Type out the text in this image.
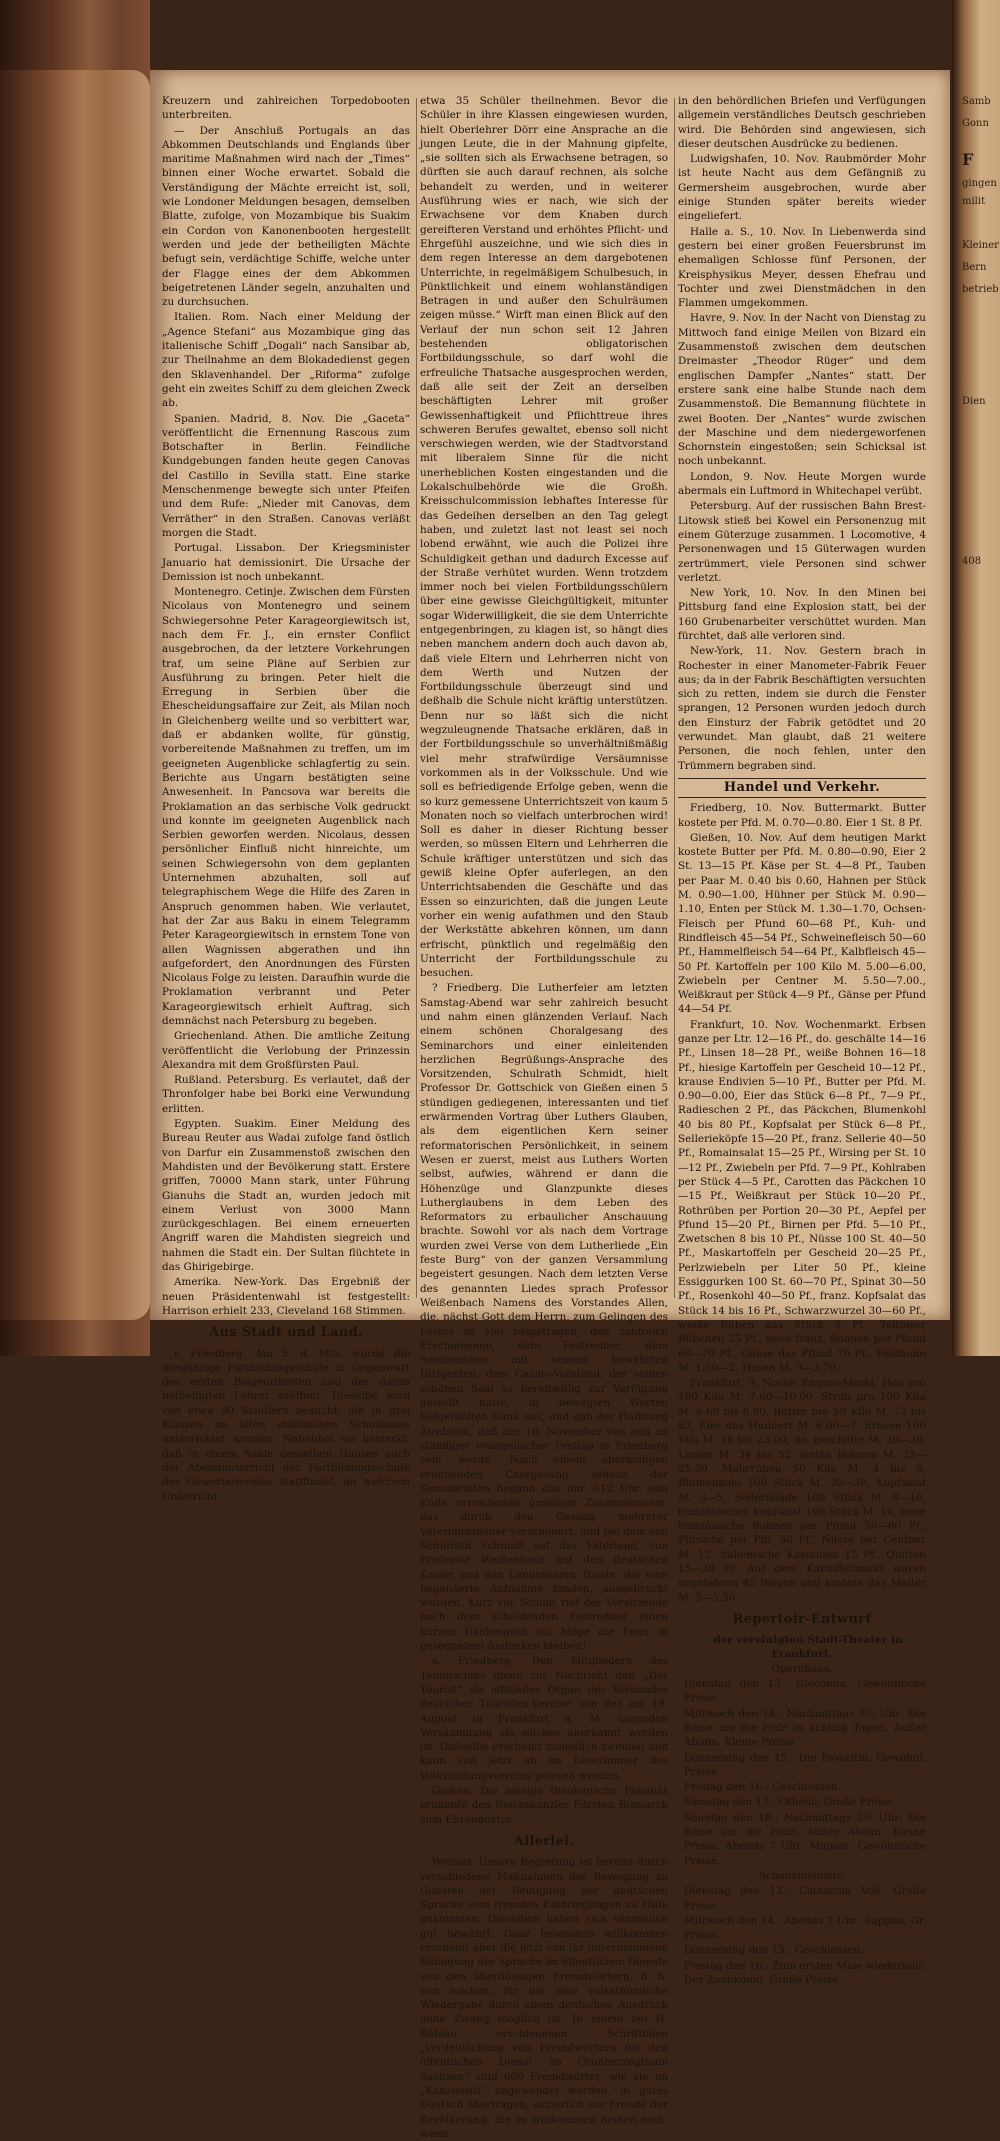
Kreuzern und zahlreichen Torpedobooten unterbreiten.

— Der Anschluß Portugals an das Abkommen Deutschlands und Englands über maritime Maßnahmen wird nach der „Times“ binnen einer Woche erwartet. Sobald die Verständigung der Mächte erreicht ist, soll, wie Londoner Meldungen besagen, demselben Blatte, zufolge, von Mozambique bis Suakim ein Cordon von Kanonenbooten hergestellt werden und jede der betheiligten Mächte befugt sein, verdächtige Schiffe, welche unter der Flagge eines der dem Abkommen beigetretenen Länder segeln, anzuhalten und zu durchsuchen.

Italien. Rom. Nach einer Meldung der „Agence Stefani“ aus Mozambique ging das italienische Schiff „Dogali“ nach Sansibar ab, zur Theilnahme an dem Blokadedienst gegen den Sklavenhandel. Der „Riforma“ zufolge geht ein zweites Schiff zu dem gleichen Zweck ab.

Spanien. Madrid, 8. Nov. Die „Gaceta“ veröffentlicht die Ernennung Rascous zum Botschafter in Berlin. Feindliche Kundgebungen fanden heute gegen Canovas del Castillo in Sevilla statt. Eine starke Menschenmenge bewegte sich unter Pfeifen und dem Rufe: „Nieder mit Canovas, dem Verräther“ in den Straßen. Canovas verläßt morgen die Stadt.

Portugal. Lissabon. Der Kriegsminister Januario hat demissionirt. Die Ursache der Demission ist noch unbekannt.

Montenegro. Cetinje. Zwischen dem Fürsten Nicolaus von Montenegro und seinem Schwiegersohne Peter Karageorgiewitsch ist, nach dem Fr. J., ein ernster Conflict ausgebrochen, da der letztere Vorkehrungen traf, um seine Pläne auf Serbien zur Ausführung zu bringen. Peter hielt die Erregung in Serbien über die Ehescheidungsaffaire zur Zeit, als Milan noch in Gleichenberg weilte und so verbittert war, daß er abdanken wollte, für günstig, vorbereitende Maßnahmen zu treffen, um im geeigneten Augenblicke schlagfertig zu sein. Berichte aus Ungarn bestätigten seine Anwesenheit. In Pancsova war bereits die Proklamation an das serbische Volk gedruckt und konnte im geeigneten Augenblick nach Serbien geworfen werden. Nicolaus, dessen persönlicher Einfluß nicht hinreichte, um seinen Schwiegersohn von dem geplanten Unternehmen abzuhalten, soll auf telegraphischem Wege die Hilfe des Zaren in Anspruch genommen haben. Wie verlautet, hat der Zar aus Baku in einem Telegramm Peter Karageorgiewitsch in ernstem Tone von allen Wagnissen abgerathen und ihn aufgefordert, den Anordnungen des Fürsten Nicolaus Folge zu leisten. Daraufhin wurde die Proklamation verbrannt und Peter Karageorgiewitsch erhielt Auftrag, sich demnächst nach Petersburg zu begeben.

Griechenland. Athen. Die amtliche Zeitung veröffentlicht die Verlobung der Prinzessin Alexandra mit dem Großfürsten Paul.

Rußland. Petersburg. Es verlautet, daß der Thronfolger habe bei Borki eine Verwundung erlitten.

Egypten. Suakim. Einer Meldung des Bureau Reuter aus Wadai zufolge fand östlich von Darfur ein Zusammenstoß zwischen den Mahdisten und der Bevölkerung statt. Erstere griffen, 70000 Mann stark, unter Führung Gianuhs die Stadt an, wurden jedoch mit einem Verlust von 3000 Mann zurückgeschlagen. Bei einem erneuerten Angriff waren die Mahdisten siegreich und nahmen die Stadt ein. Der Sultan flüchtete in das Ghirigebirge.

Amerika. New-York. Das Ergebniß der neuen Präsidentenwahl ist festgestellt: Harrison erhielt 233, Cleveland 168 Stimmen.

Aus Stadt und Land.

r. Friedberg. Am 5. d. Mts. wurde die diesjährige Fortbildungsschule in Gegenwart des ersten Beigeordneten und der daran betheiligten Lehrer eröffnet. Dieselbe wird von etwa 90 Schülern besucht, die in drei Klassen im alten städtischen Schulhause unterrichtet werden. Nebenbei sei bemerkt, daß in einem Saale desselben Hauses auch der Abendunterricht der Fortbildungsschule des Gewerbevereins stattfindet, an welchem Unterricht

etwa 35 Schüler theilnehmen. Bevor die Schüler in ihre Klassen eingewiesen wurden, hielt Oberlehrer Dörr eine Ansprache an die jungen Leute, die in der Mahnung gipfelte, „sie sollten sich als Erwachsene betragen, so dürften sie auch darauf rechnen, als solche behandelt zu werden, und in weiterer Ausführung wies er nach, wie sich der Erwachsene vor dem Knaben durch gereifteren Verstand und erhöhtes Pflicht- und Ehrgefühl auszeichne, und wie sich dies in dem regen Interesse an dem dargebotenen Unterrichte, in regelmäßigem Schulbesuch, in Pünktlichkeit und einem wohlanständigen Betragen in und außer den Schulräumen zeigen müsse.“ Wirft man einen Blick auf den Verlauf der nun schon seit 12 Jahren bestehenden obligatorischen Fortbildungsschule, so darf wohl die erfreuliche Thatsache ausgesprochen werden, daß alle seit der Zeit an derselben beschäftigten Lehrer mit großer Gewissenhaftigkeit und Pflichttreue ihres schweren Berufes gewaltet, ebenso soll nicht verschwiegen werden, wie der Stadtvorstand mit liberalem Sinne für die nicht unerheblichen Kosten eingestanden und die Lokalschulbehörde wie die Großh. Kreisschulcommission lebhaftes Interesse für das Gedeihen derselben an den Tag gelegt haben, und zuletzt last not least sei noch lobend erwähnt, wie auch die Polizei ihre Schuldigkeit gethan und dadurch Excesse auf der Straße verhütet wurden. Wenn trotzdem immer noch bei vielen Fortbildungsschülern über eine gewisse Gleichgültigkeit, mitunter sogar Widerwilligkeit, die sie dem Unterrichte entgegenbringen, zu klagen ist, so hängt dies neben manchem andern doch auch davon ab, daß viele Eltern und Lehrherren nicht von dem Werth und Nutzen der Fortbildungsschule überzeugt sind und deßhalb die Schule nicht kräftig unterstützen. Denn nur so läßt sich die nicht wegzuleugnende Thatsache erklären, daß in der Fortbildungsschule so unverhältnißmäßig viel mehr strafwürdige Versäumnisse vorkommen als in der Volksschule. Und wie soll es befriedigende Erfolge geben, wenn die so kurz gemessene Unterrichtszeit von kaum 5 Monaten noch so vielfach unterbrochen wird! Soll es daher in dieser Richtung besser werden, so müssen Eltern und Lehrherren die Schule kräftiger unterstützen und sich das gewiß kleine Opfer auferlegen, an den Unterrichtsabenden die Geschäfte und das Essen so einzurichten, daß die jungen Leute vorher ein wenig aufathmen und den Staub der Werkstätte abkehren können, um dann erfrischt, pünktlich und regelmäßig den Unterricht der Fortbildungsschule zu besuchen.

? Friedberg. Die Lutherfeier am letzten Samstag-Abend war sehr zahlreich besucht und nahm einen glänzenden Verlauf. Nach einem schönen Choralgesang des Seminarchors und einer einleitenden herzlichen Begrüßungs-Ansprache des Vorsitzenden, Schulrath Schmidt, hielt Professor Dr. Gottschick von Gießen einen 5 stündigen gediegenen, interessanten und tief erwärmenden Vortrag über Luthers Glauben, als dem eigentlichen Kern seiner reformatorischen Persönlichkeit, in seinem Wesen er zuerst, meist aus Luthers Worten selbst, aufwies, während er dann die Höhenzüge und Glanzpunkte dieses Lutherglaubens in dem Leben des Reformators zu erbaulicher Anschauung brachte. Sowohl vor als nach dem Vortrage wurden zwei Verse von dem Lutherliede „Ein feste Burg“ von der ganzen Versammlung begeistert gesungen. Nach dem letzten Verse des genannten Liedes sprach Professor Weißenbach Namens des Vorstandes Allen, die, nächst Gott dem Herrn, zum Gelingen des Festes so viel beigetragen, den zahlreich Erschienenen, dem Festredner, dem Seminarchor mit seinem bewährten Dirigenten, dem Casino-Vorstand, der seinen schönen Saal so bereitwillig zur Verfügung gestellt hatte, in bewegten Worten tiefgefühlten Dank aus, und gab der Hoffnung Ausdruck, daß der 10. November von nun an ständiger evangelischer Festtag in Friedberg sein werde. Nach einem abermaligen erhebenden Chorgesang seitens der Seminaristen begann das um ½12 Uhr sein Ende erreichende gesellige Zusammensein, das durch den Gesang mehrerer Vaterlandslieder verschönert, und bei dem von Schulrath Schmidt auf das Vaterland, von Professor Weißenbach auf den deutschen Kaiser und den Landesherrn Toaste, die eine begeisterte Aufnahme fanden, ausgebracht wurden. Kurz vor Schluß rief der Vorsitzende noch dem scheidenden Festredner einen kurzen Dankesgruß zu. Möge die Feier in gesegnetem Andenken bleiben!

s. Friedberg. Den Mitgliedern des Taunusclubs diene zur Nachricht daß „Der Tourist“ als offizielles Organ des Verbandes deutscher Touristen-Vereine von der am 19. August in Frankfurt a. M. tagenden Versammlung als solches anerkannt worden ist. Daßselbe erscheint monatlich zweimal und kann von jetzt ab im Lesezimmer des Volksbildungsvereins gelesen werden.

Gießen. Die hiesige theologische Fakultät ernannte den Reichskanzler Fürsten Bismarck zum Ehrendoktor.

Allerlei.

Weimar. Unsere Regierung ist bereits durch verschiedene Maßnahmen der Bewegung zu Gunsten der Reinigung der deutschen Sprache vom fremden Eindringlingen zu Hilfe gekommen. Dieselben haben sich sämmtlich gut bewährt. Ganz besonders willkommen erscheint aber die jetzt von ihr unternommene Reinigung der Sprache im öffentlichen Dienste von den überflüssigen Fremdwörtern, d. h. von solchen, für die eine volksthümliche Wiedergabe durch einen deutschen Ausdruck ohne Zwang möglich ist. In einem bei H. Böhlau erschienenen Schriftchen „Verdeutschung von Fremdwörtern für den öffentlichen Dienst im Großherzogthum Sachsen“ sind 600 Fremdwörter, wie sie im „Kanzleistil“ angewendet werden, in gutes Deutsch übertragen, sicherlich zur Freude der Bevölkerung, die es willkommen heißen muß, wenn

in den behördlichen Briefen und Verfügungen allgemein verständliches Deutsch geschrieben wird. Die Behörden sind angewiesen, sich dieser deutschen Ausdrücke zu bedienen.

Ludwigshafen, 10. Nov. Raubmörder Mohr ist heute Nacht aus dem Gefängniß zu Germersheim ausgebrochen, wurde aber einige Stunden später bereits wieder eingeliefert.

Halle a. S., 10. Nov. In Liebenwerda sind gestern bei einer großen Feuersbrunst im ehemaligen Schlosse fünf Personen, der Kreisphysikus Meyer, dessen Ehefrau und Tochter und zwei Dienstmädchen in den Flammen umgekommen.

Havre, 9. Nov. In der Nacht von Dienstag zu Mittwoch fand einige Meilen von Bizard ein Zusammenstoß zwischen dem deutschen Dreimaster „Theodor Rüger“ und dem englischen Dampfer „Nantes“ statt. Der erstere sank eine halbe Stunde nach dem Zusammenstoß. Die Bemannung flüchtete in zwei Booten. Der „Nantes“ wurde zwischen der Maschine und dem niedergeworfenen Schornstein eingestoßen; sein Schicksal ist noch unbekannt.

London, 9. Nov. Heute Morgen wurde abermals ein Luftmord in Whitechapel verübt.

Petersburg. Auf der russischen Bahn Brest-Litowsk stieß bei Kowel ein Personenzug mit einem Güterzuge zusammen. 1 Locomotive, 4 Personenwagen und 15 Güterwagen wurden zertrümmert, viele Personen sind schwer verletzt.

New York, 10. Nov. In den Minen bei Pittsburg fand eine Explosion statt, bei der 160 Grubenarbeiter verschüttet wurden. Man fürchtet, daß alle verloren sind.

New-York, 11. Nov. Gestern brach in Rochester in einer Manometer-Fabrik Feuer aus; da in der Fabrik Beschäftigten versuchten sich zu retten, indem sie durch die Fenster sprangen, 12 Personen wurden jedoch durch den Einsturz der Fabrik getödtet und 20 verwundet. Man glaubt, daß 21 weitere Personen, die noch fehlen, unter den Trümmern begraben sind.

Handel und Verkehr.

Friedberg, 10. Nov. Buttermarkt. Butter kostete per Pfd. M. 0.70—0.80. Eier 1 St. 8 Pf.

Gießen, 10. Nov. Auf dem heutigen Markt kostete Butter per Pfd. M. 0.80—0.90, Eier 2 St. 13—15 Pf. Käse per St. 4—8 Pf., Tauben per Paar M. 0.40 bis 0.60, Hahnen per Stück M. 0.90—1.00, Hühner per Stück M. 0.90—1.10, Enten per Stück M. 1.30—1.70, Ochsen-Fleisch per Pfund 60—68 Pf., Kuh- und Rindfleisch 45—54 Pf., Schweinefleisch 50—60 Pf., Hammelfleisch 54—64 Pf., Kalbfleisch 45—50 Pf. Kartoffeln per 100 Kilo M. 5.00—6.00, Zwiebeln per Centner M. 5.50—7.00., Weißkraut per Stück 4—9 Pf., Gänse per Pfund 44—54 Pf.

Frankfurt, 10. Nov. Wochenmarkt. Erbsen ganze per Ltr. 12—16 Pf., do. geschälte 14—16 Pf., Linsen 18—28 Pf., weiße Bohnen 16—18 Pf., hiesige Kartoffeln per Gescheid 10—12 Pf., krause Endivien 5—10 Pf., Butter per Pfd. M. 0.90—0.00, Eier das Stück 6—8 Pf., 7—9 Pf., Radieschen 2 Pf., das Päckchen, Blumenkohl 40 bis 80 Pf., Kopfsalat per Stück 6—8 Pf., Sellerieköpfe 15—20 Pf., franz. Sellerie 40—50 Pf., Romainsalat 15—25 Pf., Wirsing per St. 10—12 Pf., Zwiebeln per Pfd. 7—9 Pf., Kohlraben per Stück 4—5 Pf., Carotten das Päckchen 10—15 Pf., Weißkraut per Stück 10—20 Pf., Rothrüben per Portion 20—30 Pf., Aepfel per Pfund 15—20 Pf., Birnen per Pfd. 5—10 Pf., Zwetschen 8 bis 10 Pf., Nüsse 100 St. 40—50 Pf., Maskartoffeln per Gescheid 20—25 Pf., Perlzwiebeln per Liter 50 Pf., kleine Essiggurken 100 St. 60—70 Pf., Spinat 30—50 Pf., Rosenkohl 40—50 Pf., franz. Kopfsalat das Stück 14 bis 16 Pf., Schwarzwurzel 30—60 Pf., weiße Rüben das Stück 5 Pf., Teltower Rübchen 25 Pf., neue franz. Bohnen per Pfund 60—70 Pf., Gänse das Pfund 70 Pf., Feldhuhn M. 1.50—2, Hasen M. 3—3.70.

Frankfurt, 9. Novbr. Engros-Markt. Heu pro 100 Kilo M. 7.60—10.00, Stroh pro 100 Kilo M. 6.60 bis 6.80, Butter pro 50 Kilo M. 73 bis 83, Eier das Hundert M. 6.00—7, Erbsen 100 Kilo M. 18 bis 23.00, do. geschälte M. 20—30, Linsen M. 34 bis 52, weiße Bohnen M. 23—25.50, Mohrrüben 50 Kilo M. 4 bis 5, Blumenkohl 100 Stück M. 20—30, Kopfsalat M. 3—5, Selleriköpfe 100 Stück M. 8—10, französischer Kopfsalat 100 Stück M. 10, neue französische Bohnen per Pfund 50—60 Pf., Pfirsiche per Pfd. 50 Pf., Nüsse per Centner M. 12, italienische Kastanien 15 Pf., Quitten 15—20 Pf. Auf dem Kartoffelmarkt waren angefahren 45 Wagen und kostete das Malter M. 5—5.50.

Repertoir-Entwurf

der vereinigten Stadt-Theater in Frankfurt.

Opernhaus.

Dienstag den 13.: Gioconda. Gewöhnliche Preise.

Mittwoch den 14.: Nachmittags 3½ Uhr: Die Reise um die Erde in achtzig Tagen. Außer Abonn. Kleine Preise.

Donnerstag den 15.: Die Favoritin. Gewöhnl. Preise.

Freitag den 16.: Geschlossen.

Samstag den 17.: Othello. Große Preise.

Sonntag den 18.: Nachmittags 3½ Uhr: Die Reise um die Erde. Außer Abonn. Kleine Preise. Abends 7 Uhr: Mignon. Gewöhnliche Preise.

Schauspielhaus.

Dienstag den 13.: Catharina Voß. Große Preise.

Mittwoch den 14.: Abends 7 Uhr: Sappho. Gr. Preise.

Donnerstag den 15.: Geschlossen.

Freitag den 16.: Zum ersten Male wiederholt: Der Zaunkönig. Große Preise.

Samb
Gonn
F
gingen
milit
Kleiner
Bern
betrieb
Dien
408
